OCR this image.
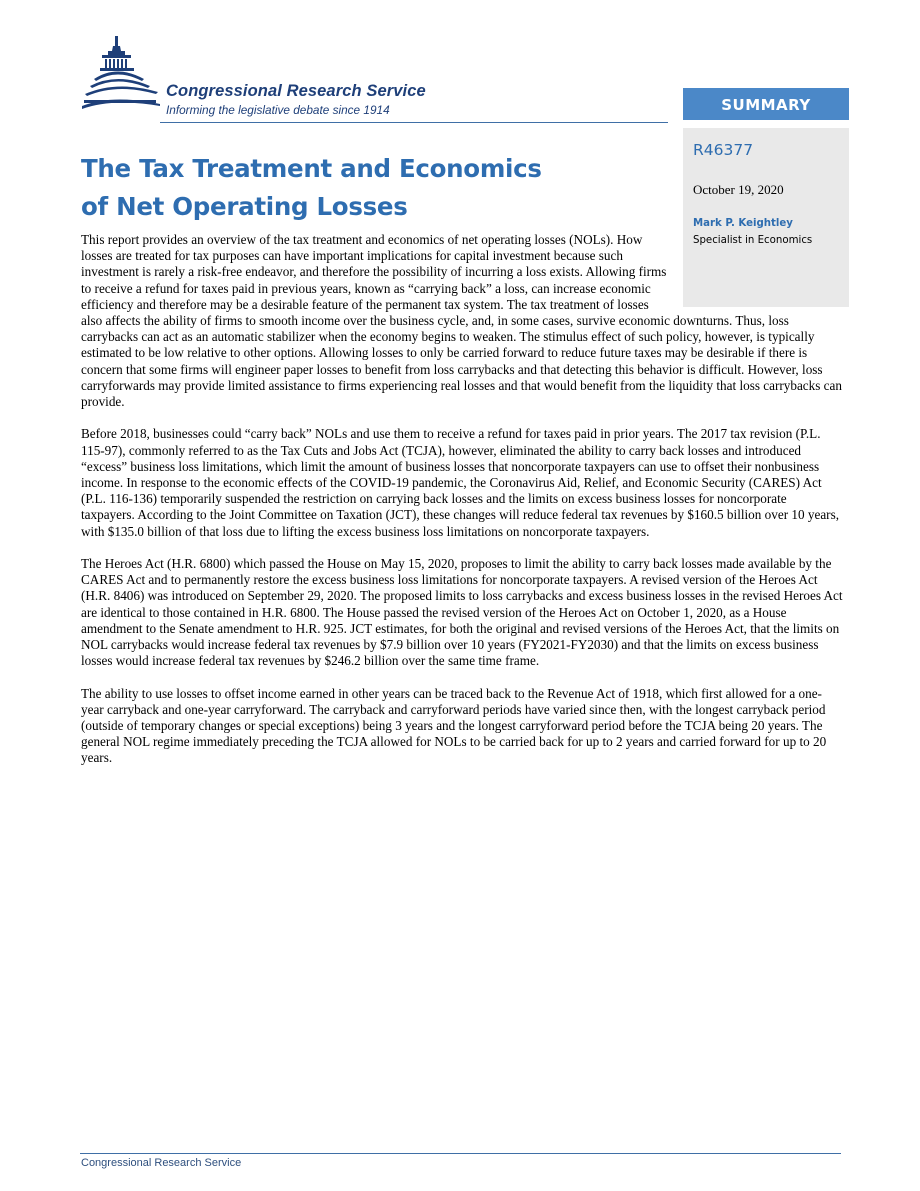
Congressional Research Service
Informing the legislative debate since 1914	SUMMARY
R46377
October 19, 2020
Mark P. Keightley
Specialist in Economics
The Tax Treatment and Economics
of Net Operating Losses

This report provides an overview of the tax treatment and economics of net operating losses (NOLs). How losses are treated for tax purposes can have important implications for capital investment because such investment is rarely a risk-free endeavor, and therefore the possibility of incurring a loss exists. Allowing firms to receive a refund for taxes paid in previous years, known as “carrying back” a loss, can increase economic efficiency and therefore may be a desirable feature of the permanent tax system. The tax treatment of losses also affects the ability of firms to smooth income over the business cycle, and, in some cases, survive economic downturns. Thus, loss carrybacks can act as an automatic stabilizer when the economy begins to weaken. The stimulus effect of such policy, however, is typically estimated to be low relative to other options. Allowing losses to only be carried forward to reduce future taxes may be desirable if there is concern that some firms will engineer paper losses to benefit from loss carrybacks and that detecting this behavior is difficult. However, loss carryforwards may provide limited assistance to firms experiencing real losses and that would benefit from the liquidity that loss carrybacks can provide.

Before 2018, businesses could “carry back” NOLs and use them to receive a refund for taxes paid in prior years. The 2017 tax revision (P.L. 115-97), commonly referred to as the Tax Cuts and Jobs Act (TCJA), however, eliminated the ability to carry back losses and introduced “excess” business loss limitations, which limit the amount of business losses that noncorporate taxpayers can use to offset their nonbusiness income. In response to the economic effects of the COVID-19 pandemic, the Coronavirus Aid, Relief, and Economic Security (CARES) Act (P.L. 116-136) temporarily suspended the restriction on carrying back losses and the limits on excess business losses for noncorporate taxpayers. According to the Joint Committee on Taxation (JCT), these changes will reduce federal tax revenues by $160.5 billion over 10 years, with $135.0 billion of that loss due to lifting the excess business loss limitations on noncorporate taxpayers.

The Heroes Act (H.R. 6800) which passed the House on May 15, 2020, proposes to limit the ability to carry back losses made available by the CARES Act and to permanently restore the excess business loss limitations for noncorporate taxpayers. A revised version of the Heroes Act (H.R. 8406) was introduced on September 29, 2020. The proposed limits to loss carrybacks and excess business losses in the revised Heroes Act are identical to those contained in H.R. 6800. The House passed the revised version of the Heroes Act on October 1, 2020, as a House amendment to the Senate amendment to H.R. 925. JCT estimates, for both the original and revised versions of the Heroes Act, that the limits on NOL carrybacks would increase federal tax revenues by $7.9 billion over 10 years (FY2021-FY2030) and that the limits on excess business losses would increase federal tax revenues by $246.2 billion over the same time frame.

The ability to use losses to offset income earned in other years can be traced back to the Revenue Act of 1918, which first allowed for a one-year carryback and one-year carryforward. The carryback and carryforward periods have varied since then, with the longest carryback period (outside of temporary changes or special exceptions) being 3 years and the longest carryforward period before the TCJA being 20 years. The general NOL regime immediately preceding the TCJA allowed for NOLs to be carried back for up to 2 years and carried forward for up to 20 years.

Congressional Research Service
